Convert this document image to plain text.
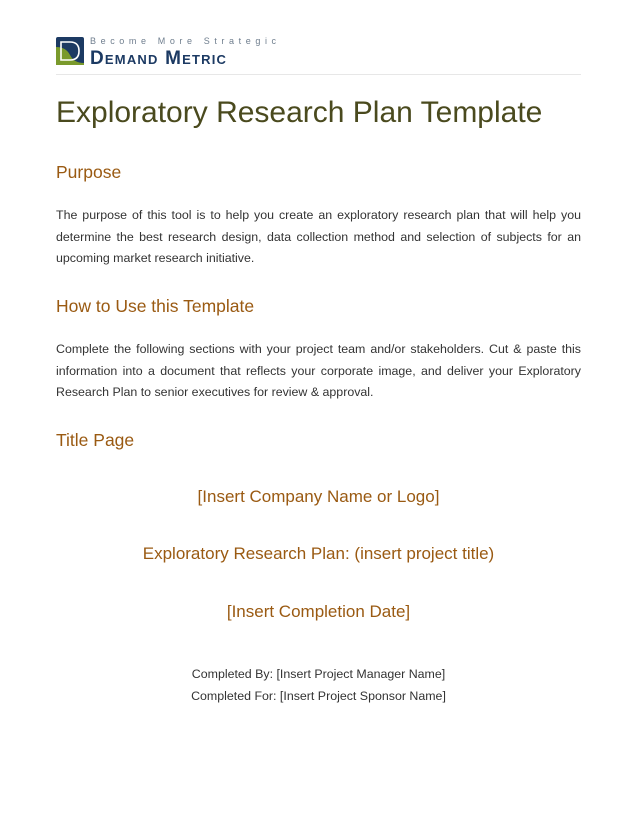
Become More Strategic
Demand Metric
Exploratory Research Plan Template
Purpose
The purpose of this tool is to help you create an exploratory research plan that will help you determine the best research design, data collection method and selection of subjects for an upcoming market research initiative.
How to Use this Template
Complete the following sections with your project team and/or stakeholders. Cut & paste this information into a document that reflects your corporate image, and deliver your Exploratory Research Plan to senior executives for review & approval.
Title Page
[Insert Company Name or Logo]
Exploratory Research Plan: (insert project title)
[Insert Completion Date]
Completed By: [Insert Project Manager Name]
Completed For: [Insert Project Sponsor Name]
